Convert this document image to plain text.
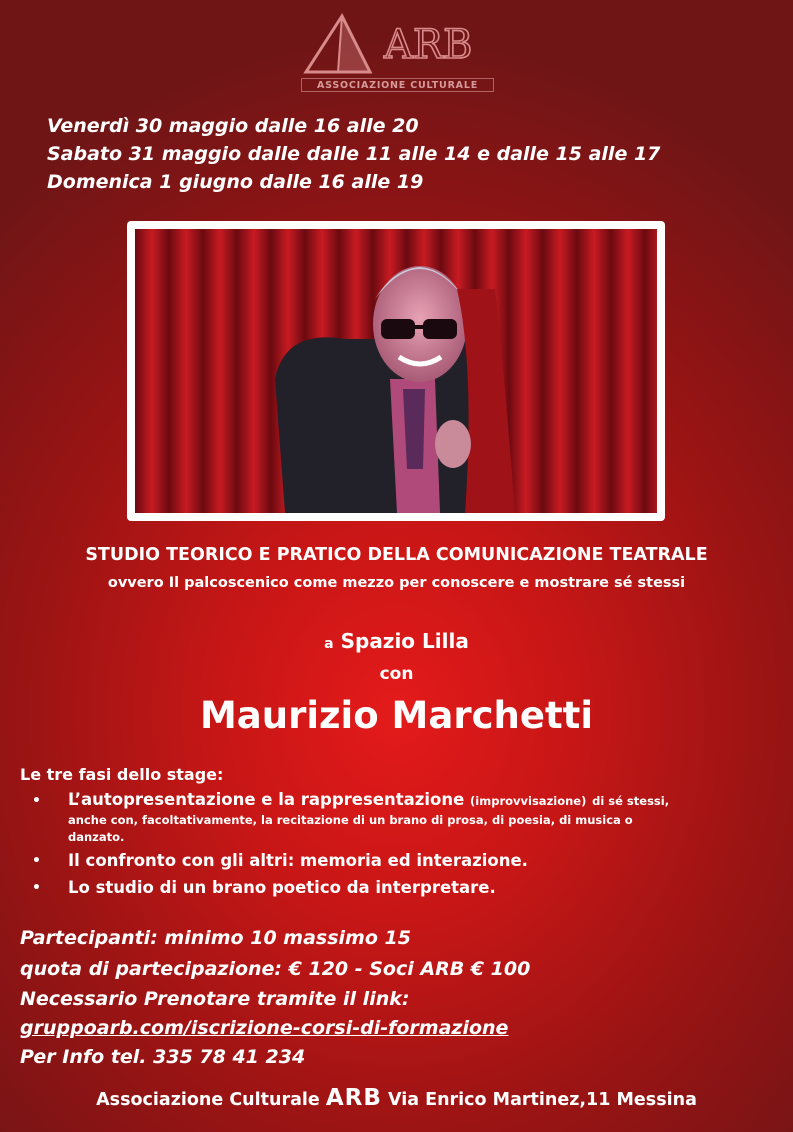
ARB
ASSOCIAZIONE CULTURALE
Venerdì 30 maggio dalle 16 alle 20
Sabato 31 maggio dalle dalle 11 alle 14 e dalle 15 alle 17
Domenica 1 giugno dalle 16 alle 19
STUDIO TEORICO E PRATICO DELLA COMUNICAZIONE TEATRALE
ovvero Il palcoscenico come mezzo per conoscere e mostrare sé stessi
a Spazio Lilla
con
Maurizio Marchetti
Le tre fasi dello stage:
• L’autopresentazione e la rappresentazione (improvvisazione) di sé stessi,
anche con, facoltativamente, la recitazione di un brano di prosa, di poesia, di musica o
danzato.
• Il confronto con gli altri: memoria ed interazione.
• Lo studio di un brano poetico da interpretare.
Partecipanti: minimo 10 massimo 15
quota di partecipazione: € 120 - Soci ARB € 100
Necessario Prenotare tramite il link:
gruppoarb.com/iscrizione-corsi-di-formazione
Per Info tel. 335 78 41 234
Associazione Culturale ARB Via Enrico Martinez,11 Messina
